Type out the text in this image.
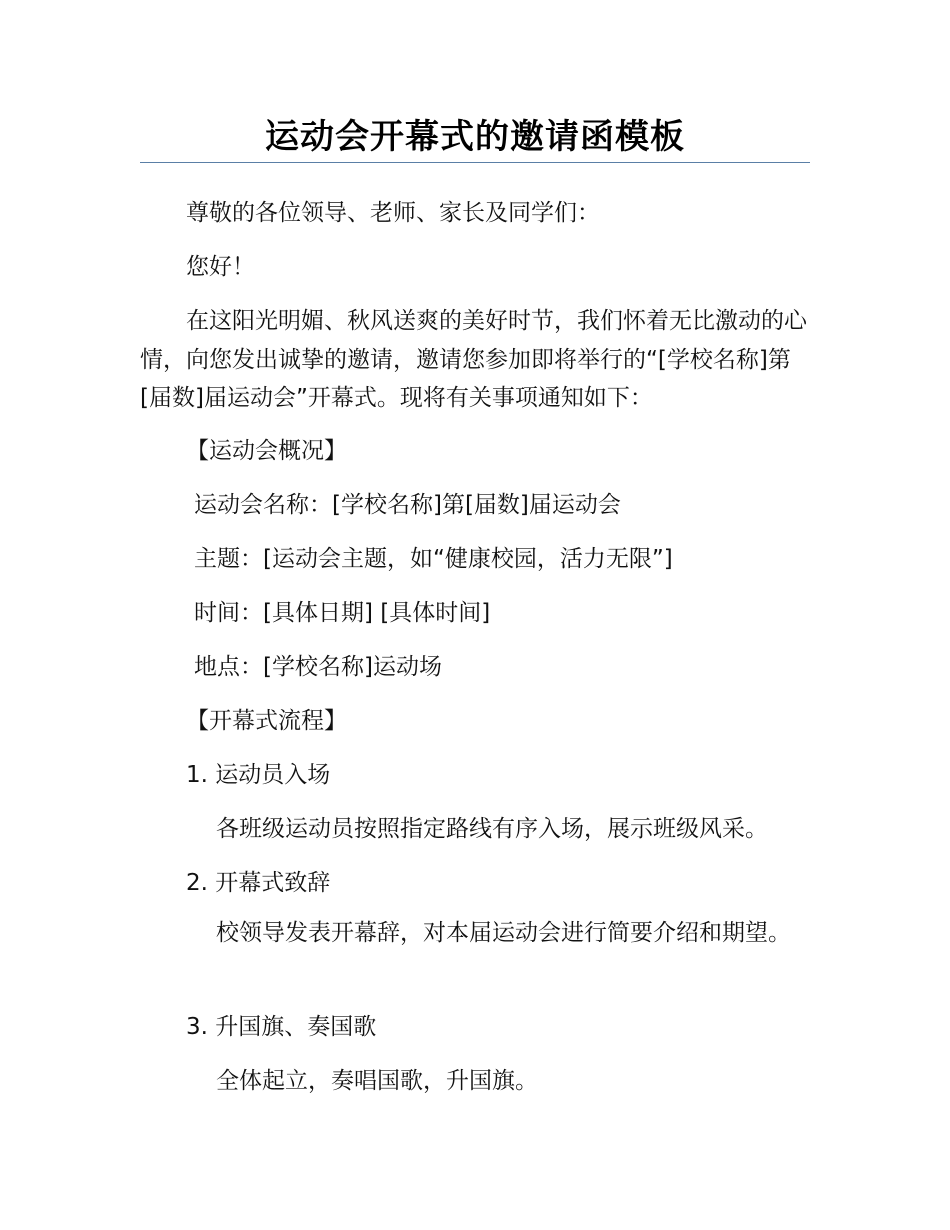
运动会开幕式的邀请函模板
尊敬的各位领导、老师、家长及同学们：
您好！
在这阳光明媚、秋风送爽的美好时节，我们怀着无比激动的心情，向您发出诚挚的邀请，邀请您参加即将举行的“[学校名称]第[届数]届运动会”开幕式。现将有关事项通知如下：
【运动会概况】
运动会名称：[学校名称]第[届数]届运动会
主题：[运动会主题，如“健康校园，活力无限”]
时间：[具体日期] [具体时间]
地点：[学校名称]运动场
【开幕式流程】
1. 运动员入场
各班级运动员按照指定路线有序入场，展示班级风采。
2. 开幕式致辞
校领导发表开幕辞，对本届运动会进行简要介绍和期望。
3. 升国旗、奏国歌
全体起立，奏唱国歌，升国旗。
